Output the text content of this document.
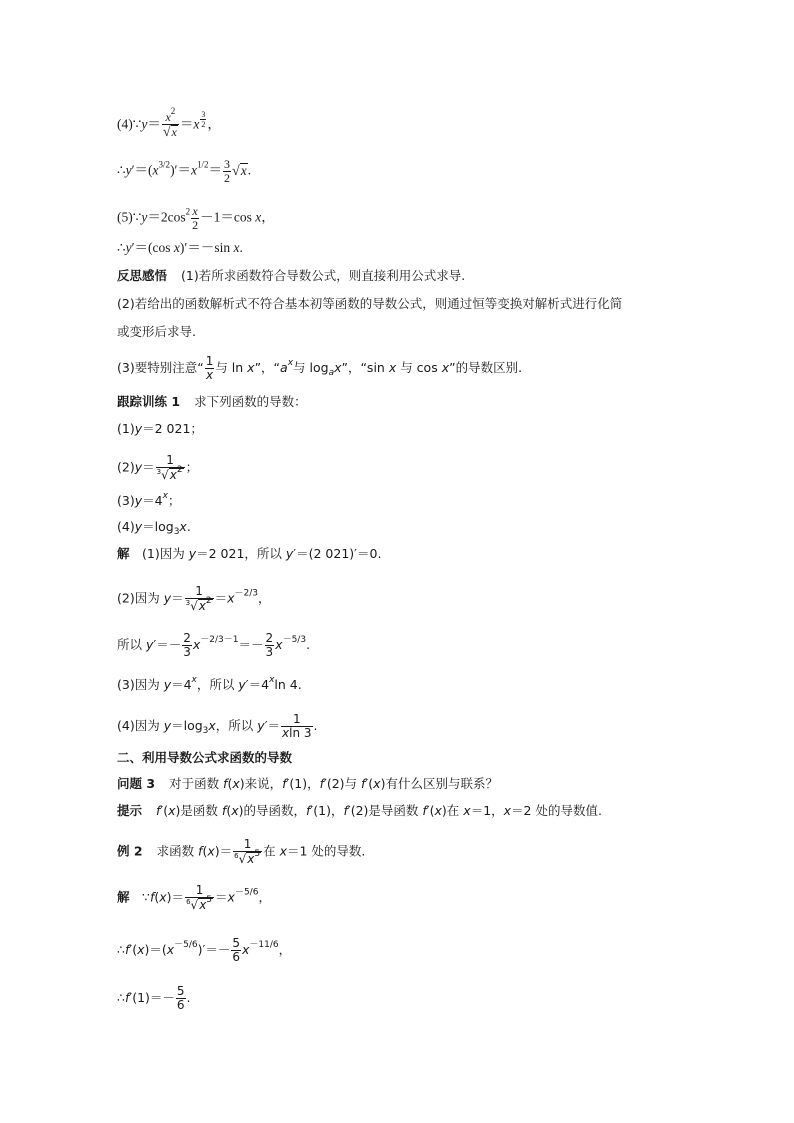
(4)∵y＝ $\frac{x^2}{√x} =x$ $^{\frac{3}{2}}$ ，
$\therefore y'=(x^{3/2})'=x^{1/2}= \frac{3}{2} √x$.
$(5)\because y=2\cos^2 \frac{x}{2} -1=\cos$ x，
∴y′＝(cos x)′＝－sin x.
反思感悟 (1)若所求函数符合导数公式，则直接利用公式求导.
(2)若给出的函数解析式不符合基本初等函数的导数公式，则通过恒等变换对解析式进行化简
或变形后求导.
(3)要特别注意“ $\frac{1}{x}$ 与 ln x”，“$a^x$与 $\log_ax$”，“sin x 与 cos x”的导数区别.
跟踪训练 1 求下列函数的导数：
(1)y＝2 021；
$(2)y= \frac{1}{^3√x^2}$ ；
$(3)y=4^x$；
$(4)y=\log_3x$.
解　(1)因为 y＝2 021，所以 y′＝(2 021)′＝0.
(2)因为 $y= \frac{1}{^3√x^2} =x^{-2/3}$，
所以 $y'=- \frac{2}{3} x^{-2/3-1}=- \frac{2}{3} x^{-5/3}$.
(3)因为 $y=4^x$，所以 $y'=4^x\ln$ 4.
(4)因为 $y=\log_3x$，所以 $y'= \frac{1}{xln 3}$ .
二、利用导数公式求函数的导数
问题 3 对于函数 f(x)来说，f′(1)，f′(2)与 f′(x)有什么区别与联系？
提示 f′(x)是函数 f(x)的导函数，f′(1)，f′(2)是导函数 f′(x)在 x＝1，x＝2 处的导数值.
例 2 求函数 $f(x)= \frac{1}{^6√x^5}$ 在 x＝1 处的导数.
解　∵f(x)＝ $\frac{1}{^6√x^5} =x^{-5/6}$，
$\therefore f'(x)=(x^{-5/6})'=- \frac{5}{6} x^{-11/6}$，
∴f′(1)＝－ $\frac{5}{6}$ .
